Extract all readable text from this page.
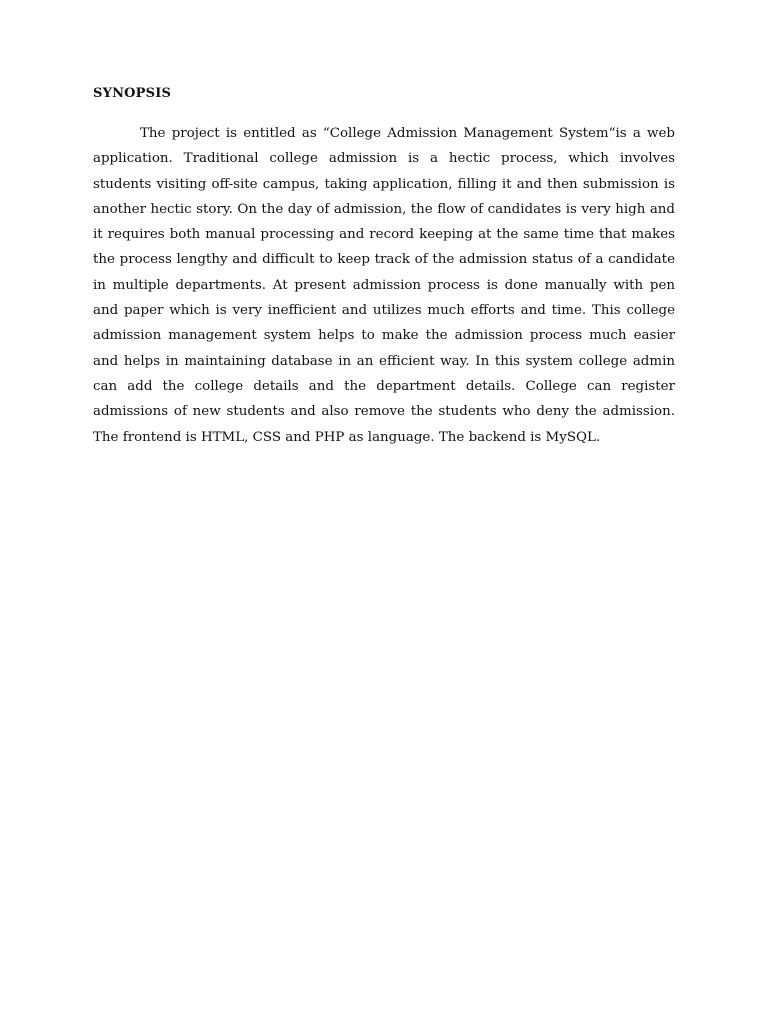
SYNOPSIS

The project is entitled as “College Admission Management System“is a web application. Traditional college admission is a hectic process, which involves students visiting off-site campus, taking application, filling it and then submission is another hectic story. On the day of admission, the flow of candidates is very high and it requires both manual processing and record keeping at the same time that makes the process lengthy and difficult to keep track of the admission status of a candidate in multiple departments. At present admission process is done manually with pen and paper which is very inefficient and utilizes much efforts and time. This college admission management system helps to make the admission process much easier and helps in maintaining database in an efficient way. In this system college admin can add the college details and the department details. College can register admissions of new students and also remove the students who deny the admission. The frontend is HTML, CSS and PHP as language. The backend is MySQL.
